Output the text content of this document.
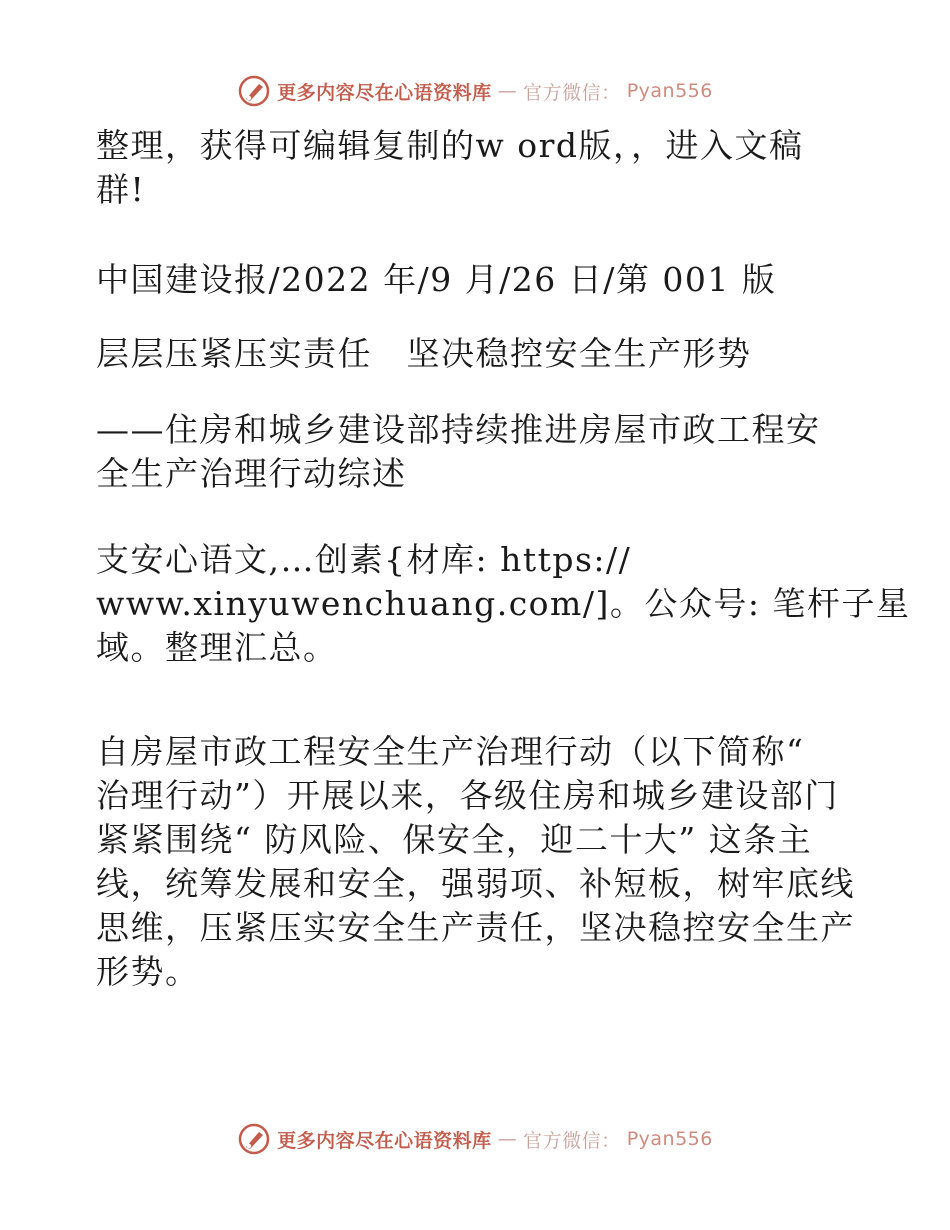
更多内容尽在心语资料库 — 官方微信： Pyan556
整理，获得可编辑复制的w ord版，，进入文稿
群!
中国建设报/2022 年/9 月/26 日/第 001 版
层层压紧压实责任　坚决稳控安全生产形势
——住房和城乡建设部持续推进房屋市政工程安
全生产治理行动综述
支安心语文,…创素{材库: https://
www.xinyuwenchuang.com/]。公众号: 笔杆子星
域。整理汇总。
自房屋市政工程安全生产治理行动（以下简称“
治理行动”）开展以来，各级住房和城乡建设部门
紧紧围绕“ 防风险、保安全，迎二十大” 这条主
线，统筹发展和安全，强弱项、补短板，树牢底线
思维，压紧压实安全生产责任，坚决稳控安全生产
形势。
更多内容尽在心语资料库 — 官方微信： Pyan556
